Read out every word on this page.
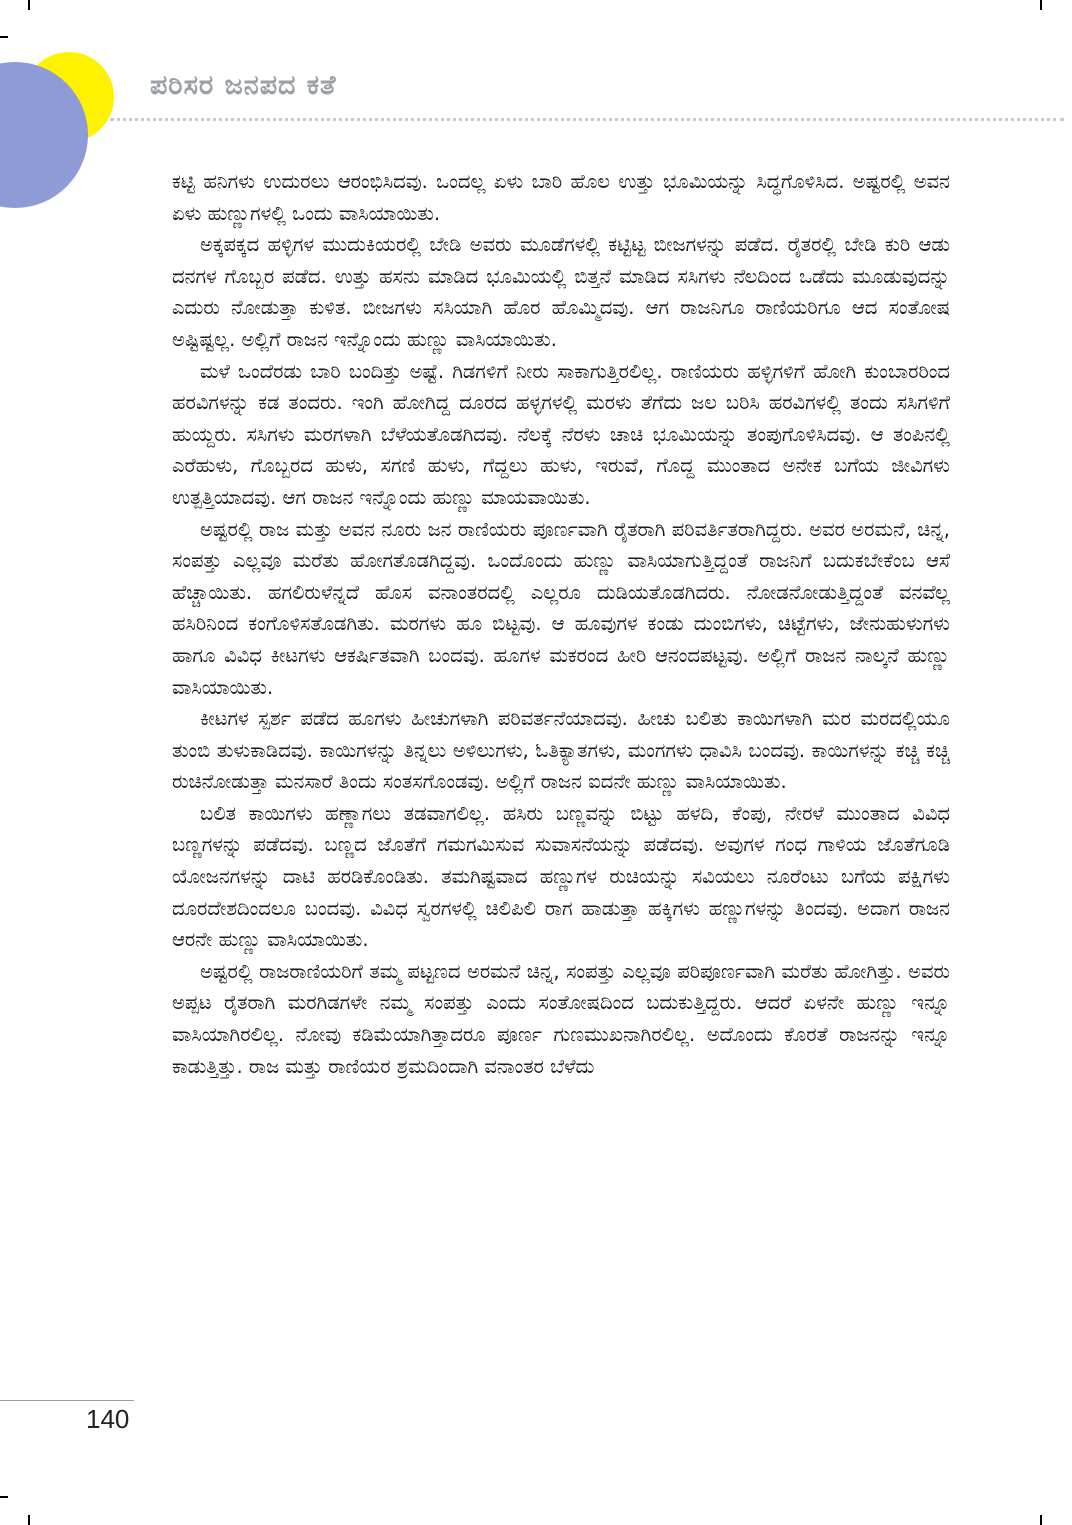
ಪರಿಸರ ಜನಪದ ಕತೆ

ಕಟ್ಟಿ ಹನಿಗಳು ಉದುರಲು ಆರಂಭಿಸಿದವು. ಒಂದಲ್ಲ ಏಳು ಬಾರಿ ಹೊಲ ಉತ್ತು ಭೂಮಿಯನ್ನು ಸಿದ್ಧಗೊಳಿಸಿದ. ಅಷ್ಟರಲ್ಲಿ ಅವನ ಏಳು ಹುಣ್ಣುಗಳಲ್ಲಿ ಒಂದು ವಾಸಿಯಾಯಿತು.

ಅಕ್ಕಪಕ್ಕದ ಹಳ್ಳಿಗಳ ಮುದುಕಿಯರಲ್ಲಿ ಬೇಡಿ ಅವರು ಮೂಡೆಗಳಲ್ಲಿ ಕಟ್ಟಿಟ್ಟ ಬೀಜಗಳನ್ನು ಪಡೆದ. ರೈತರಲ್ಲಿ ಬೇಡಿ ಕುರಿ ಆಡು ದನಗಳ ಗೊಬ್ಬರ ಪಡೆದ. ಉತ್ತು ಹಸನು ಮಾಡಿದ ಭೂಮಿಯಲ್ಲಿ ಬಿತ್ತನೆ ಮಾಡಿದ ಸಸಿಗಳು ನೆಲದಿಂದ ಒಡೆದು ಮೂಡುವುದನ್ನು ಎದುರು ನೋಡುತ್ತಾ ಕುಳಿತ. ಬೀಜಗಳು ಸಸಿಯಾಗಿ ಹೊರ ಹೊಮ್ಮಿದವು. ಆಗ ರಾಜನಿಗೂ ರಾಣಿಯರಿಗೂ ಆದ ಸಂತೋಷ ಅಷ್ಟಿಷ್ಟಲ್ಲ. ಅಲ್ಲಿಗೆ ರಾಜನ ಇನ್ನೊಂದು ಹುಣ್ಣು ವಾಸಿಯಾಯಿತು.

ಮಳೆ ಒಂದೆರಡು ಬಾರಿ ಬಂದಿತ್ತು ಅಷ್ಟೆ. ಗಿಡಗಳಿಗೆ ನೀರು ಸಾಕಾಗುತ್ತಿರಲಿಲ್ಲ. ರಾಣಿಯರು ಹಳ್ಳಿಗಳಿಗೆ ಹೋಗಿ ಕುಂಬಾರರಿಂದ ಹರವಿಗಳನ್ನು ಕಡ ತಂದರು. ಇಂಗಿ ಹೋಗಿದ್ದ ದೂರದ ಹಳ್ಳಗಳಲ್ಲಿ ಮರಳು ತೆಗೆದು ಜಲ ಬರಿಸಿ ಹರವಿಗಳಲ್ಲಿ ತಂದು ಸಸಿಗಳಿಗೆ ಹುಯ್ದರು. ಸಸಿಗಳು ಮರಗಳಾಗಿ ಬೆಳೆಯತೊಡಗಿದವು. ನೆಲಕ್ಕೆ ನೆರಳು ಚಾಚಿ ಭೂಮಿಯನ್ನು ತಂಪುಗೊಳಿಸಿದವು. ಆ ತಂಪಿನಲ್ಲಿ ಎರೆಹುಳು, ಗೊಬ್ಬರದ ಹುಳು, ಸಗಣಿ ಹುಳು, ಗೆದ್ದಲು ಹುಳು, ಇರುವೆ, ಗೊದ್ದ ಮುಂತಾದ ಅನೇಕ ಬಗೆಯ ಜೀವಿಗಳು ಉತ್ಪತ್ತಿಯಾದವು. ಆಗ ರಾಜನ ಇನ್ನೊಂದು ಹುಣ್ಣು ಮಾಯವಾಯಿತು.

ಅಷ್ಟರಲ್ಲಿ ರಾಜ ಮತ್ತು ಅವನ ನೂರು ಜನ ರಾಣಿಯರು ಪೂರ್ಣವಾಗಿ ರೈತರಾಗಿ ಪರಿವರ್ತಿತರಾಗಿದ್ದರು. ಅವರ ಅರಮನೆ, ಚಿನ್ನ, ಸಂಪತ್ತು ಎಲ್ಲವೂ ಮರೆತು ಹೋಗತೊಡಗಿದ್ದವು. ಒಂದೊಂದು ಹುಣ್ಣು ವಾಸಿಯಾಗುತ್ತಿದ್ದಂತೆ ರಾಜನಿಗೆ ಬದುಕಬೇಕೆಂಬ ಆಸೆ ಹೆಚ್ಚಾಯಿತು. ಹಗಲಿರುಳೆನ್ನದೆ ಹೊಸ ವನಾಂತರದಲ್ಲಿ ಎಲ್ಲರೂ ದುಡಿಯತೊಡಗಿದರು. ನೋಡನೋಡುತ್ತಿದ್ದಂತೆ ವನವೆಲ್ಲ ಹಸಿರಿನಿಂದ ಕಂಗೊಳಿಸತೊಡಗಿತು. ಮರಗಳು ಹೂ ಬಿಟ್ಟವು. ಆ ಹೂವುಗಳ ಕಂಡು ದುಂಬಿಗಳು, ಚಿಟ್ಟೆಗಳು, ಜೇನುಹುಳುಗಳು ಹಾಗೂ ವಿವಿಧ ಕೀಟಗಳು ಆಕರ್ಷಿತವಾಗಿ ಬಂದವು. ಹೂಗಳ ಮಕರಂದ ಹೀರಿ ಆನಂದಪಟ್ಟವು. ಅಲ್ಲಿಗೆ ರಾಜನ ನಾಲ್ಕನೆ ಹುಣ್ಣು ವಾಸಿಯಾಯಿತು.

ಕೀಟಗಳ ಸ್ಪರ್ಶ ಪಡೆದ ಹೂಗಳು ಹೀಚುಗಳಾಗಿ ಪರಿವರ್ತನೆಯಾದವು. ಹೀಚು ಬಲಿತು ಕಾಯಿಗಳಾಗಿ ಮರ ಮರದಲ್ಲಿಯೂ ತುಂಬಿ ತುಳುಕಾಡಿದವು. ಕಾಯಿಗಳನ್ನು ತಿನ್ನಲು ಅಳಿಲುಗಳು, ಓತಿಕ್ಯಾತಗಳು, ಮಂಗಗಳು ಧಾವಿಸಿ ಬಂದವು. ಕಾಯಿಗಳನ್ನು ಕಚ್ಚಿ ಕಚ್ಚಿ ರುಚಿನೋಡುತ್ತಾ ಮನಸಾರೆ ತಿಂದು ಸಂತಸಗೊಂಡವು. ಅಲ್ಲಿಗೆ ರಾಜನ ಐದನೇ ಹುಣ್ಣು ವಾಸಿಯಾಯಿತು.

ಬಲಿತ ಕಾಯಿಗಳು ಹಣ್ಣಾಗಲು ತಡವಾಗಲಿಲ್ಲ. ಹಸಿರು ಬಣ್ಣವನ್ನು ಬಿಟ್ಟು ಹಳದಿ, ಕೆಂಪು, ನೇರಳೆ ಮುಂತಾದ ವಿವಿಧ ಬಣ್ಣಗಳನ್ನು ಪಡೆದವು. ಬಣ್ಣದ ಜೊತೆಗೆ ಗಮಗಮಿಸುವ ಸುವಾಸನೆಯನ್ನು ಪಡೆದವು. ಅವುಗಳ ಗಂಧ ಗಾಳಿಯ ಜೊತೆಗೂಡಿ ಯೋಜನಗಳನ್ನು ದಾಟಿ ಹರಡಿಕೊಂಡಿತು. ತಮಗಿಷ್ಟವಾದ ಹಣ್ಣುಗಳ ರುಚಿಯನ್ನು ಸವಿಯಲು ನೂರೆಂಟು ಬಗೆಯ ಪಕ್ಷಿಗಳು ದೂರದೇಶದಿಂದಲೂ ಬಂದವು. ವಿವಿಧ ಸ್ವರಗಳಲ್ಲಿ ಚಿಲಿಪಿಲಿ ರಾಗ ಹಾಡುತ್ತಾ ಹಕ್ಕಿಗಳು ಹಣ್ಣುಗಳನ್ನು ತಿಂದವು. ಅದಾಗ ರಾಜನ ಆರನೇ ಹುಣ್ಣು ವಾಸಿಯಾಯಿತು.

ಅಷ್ಟರಲ್ಲಿ ರಾಜರಾಣಿಯರಿಗೆ ತಮ್ಮ ಪಟ್ಟಣದ ಅರಮನೆ ಚಿನ್ನ, ಸಂಪತ್ತು ಎಲ್ಲವೂ ಪರಿಪೂರ್ಣವಾಗಿ ಮರೆತು ಹೋಗಿತ್ತು. ಅವರು ಅಪ್ಪಟ ರೈತರಾಗಿ ಮರಗಿಡಗಳೇ ನಮ್ಮ ಸಂಪತ್ತು ಎಂದು ಸಂತೋಷದಿಂದ ಬದುಕುತ್ತಿದ್ದರು. ಆದರೆ ಏಳನೇ ಹುಣ್ಣು ಇನ್ನೂ ವಾಸಿಯಾಗಿರಲಿಲ್ಲ. ನೋವು ಕಡಿಮೆಯಾಗಿತ್ತಾದರೂ ಪೂರ್ಣ ಗುಣಮುಖನಾಗಿರಲಿಲ್ಲ. ಅದೊಂದು ಕೊರತೆ ರಾಜನನ್ನು ಇನ್ನೂ ಕಾಡುತ್ತಿತ್ತು. ರಾಜ ಮತ್ತು ರಾಣಿಯರ ಶ್ರಮದಿಂದಾಗಿ ವನಾಂತರ ಬೆಳೆದು

140
